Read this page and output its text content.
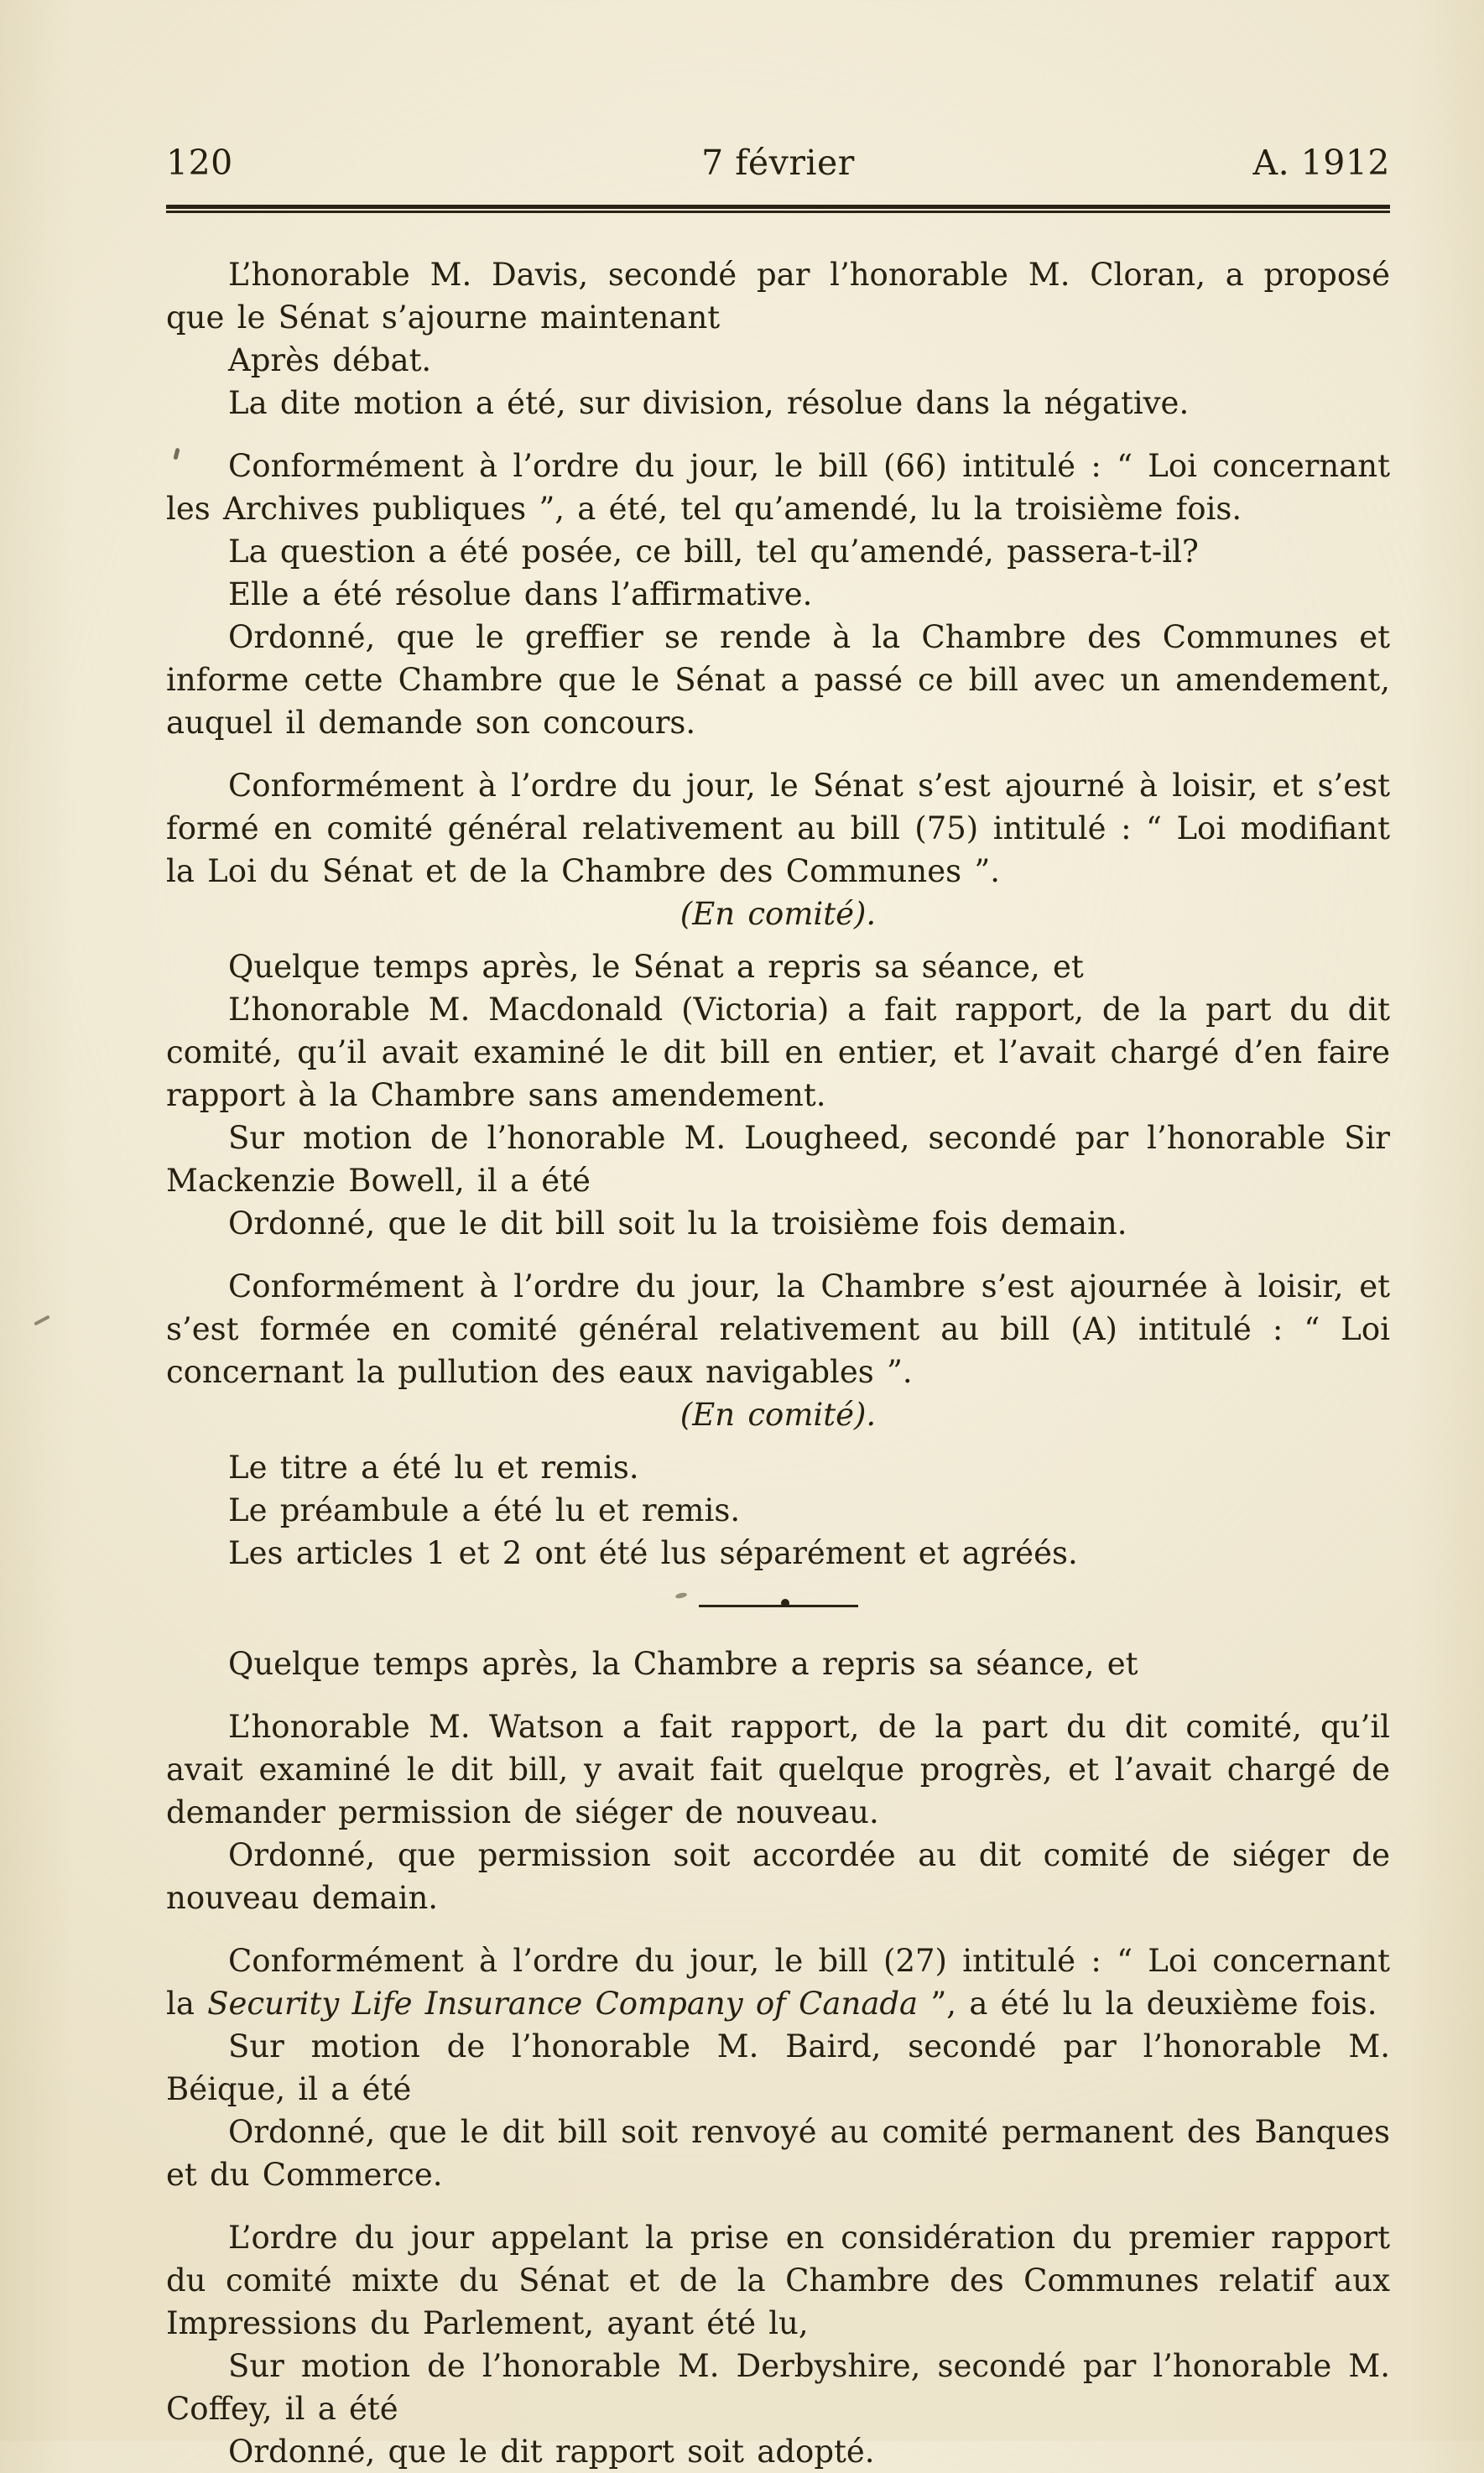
120	7 février	A. 1912

L’honorable M. Davis, secondé par l’honorable M. Cloran, a proposé que le Sénat s’ajourne maintenant

Après débat.

La dite motion a été, sur division, résolue dans la négative.

Conformément à l’ordre du jour, le bill (66) intitulé : “ Loi concernant les Archives publiques ”, a été, tel qu’amendé, lu la troisième fois.

La question a été posée, ce bill, tel qu’amendé, passera-t-il?

Elle a été résolue dans l’affirmative.

Ordonné, que le greffier se rende à la Chambre des Communes et informe cette Chambre que le Sénat a passé ce bill avec un amendement, auquel il demande son concours.

Conformément à l’ordre du jour, le Sénat s’est ajourné à loisir, et s’est formé en comité général relativement au bill (75) intitulé : “ Loi modifiant la Loi du Sénat et de la Chambre des Communes ”.

(En comité).

Quelque temps après, le Sénat a repris sa séance, et

L’honorable M. Macdonald (Victoria) a fait rapport, de la part du dit comité, qu’il avait examiné le dit bill en entier, et l’avait chargé d’en faire rapport à la Chambre sans amendement.

Sur motion de l’honorable M. Lougheed, secondé par l’honorable Sir Mackenzie Bowell, il a été

Ordonné, que le dit bill soit lu la troisième fois demain.

Conformément à l’ordre du jour, la Chambre s’est ajournée à loisir, et s’est formée en comité général relativement au bill (A) intitulé : “ Loi concernant la pullution des eaux navigables ”.

(En comité).

Le titre a été lu et remis.

Le préambule a été lu et remis.

Les articles 1 et 2 ont été lus séparément et agréés.

Quelque temps après, la Chambre a repris sa séance, et

L’honorable M. Watson a fait rapport, de la part du dit comité, qu’il avait examiné le dit bill, y avait fait quelque progrès, et l’avait chargé de demander permission de siéger de nouveau.

Ordonné, que permission soit accordée au dit comité de siéger de nouveau demain.

Conformément à l’ordre du jour, le bill (27) intitulé : “ Loi concernant la Security Life Insurance Company of Canada ”, a été lu la deuxième fois.

Sur motion de l’honorable M. Baird, secondé par l’honorable M. Béique, il a été

Ordonné, que le dit bill soit renvoyé au comité permanent des Banques et du Commerce.

L’ordre du jour appelant la prise en considération du premier rapport du comité mixte du Sénat et de la Chambre des Communes relatif aux Impressions du Parlement, ayant été lu,

Sur motion de l’honorable M. Derbyshire, secondé par l’honorable M. Coffey, il a été

Ordonné, que le dit rapport soit adopté.
